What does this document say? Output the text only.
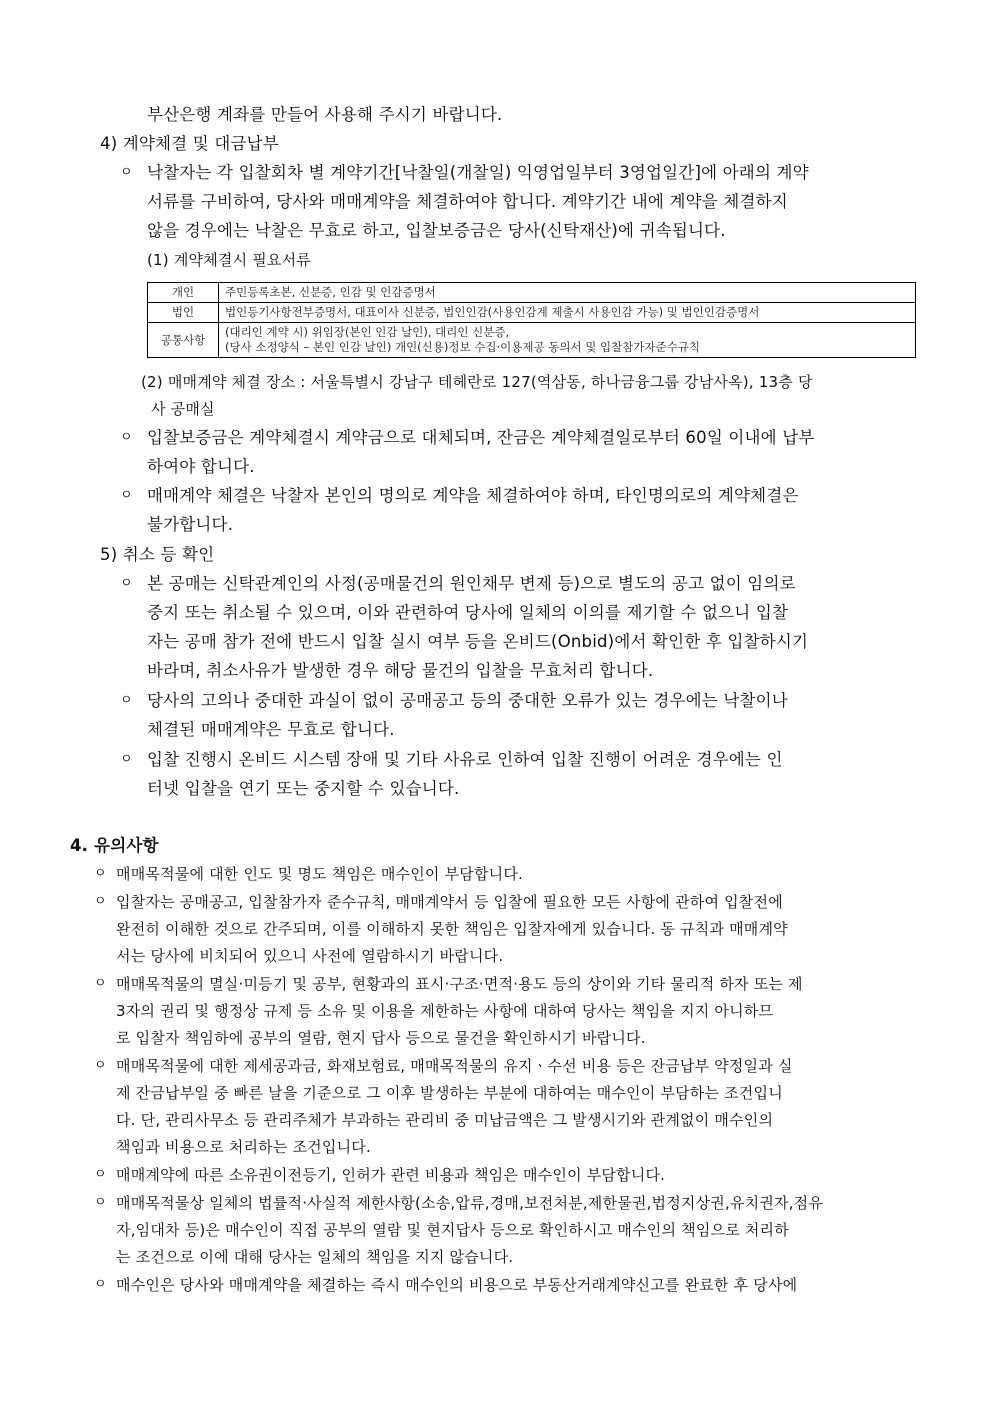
부산은행 계좌를 만들어 사용해 주시기 바랍니다.
4) 계약체결 및 대금납부
ㅇ 낙찰자는 각 입찰회차 별 계약기간[낙찰일(개찰일) 익영업일부터 3영업일간]에 아래의 계약
서류를 구비하여, 당사와 매매계약을 체결하여야 합니다. 계약기간 내에 계약을 체결하지
않을 경우에는 낙찰은 무효로 하고, 입찰보증금은 당사(신탁재산)에 귀속됩니다.
(1) 계약체결시 필요서류
개인	주민등록초본, 신분증, 인감 및 인감증명서

법인	법인등기사항전부증명서, 대표이사 신분증, 법인인감(사용인감계 제출시 사용인감 가능) 및 법인인감증명서

공통사항	(대리인 계약 시) 위임장(본인 인감 날인), 대리인 신분증,
(당사 소정양식 – 본인 인감 날인) 개인(신용)정보 수집·이용제공 동의서 및 입찰참가자준수규칙
(2) 매매계약 체결 장소 : 서울특별시 강남구 테헤란로 127(역삼동, 하나금융그룹 강남사옥), 13층 당
사 공매실
ㅇ 입찰보증금은 계약체결시 계약금으로 대체되며, 잔금은 계약체결일로부터 60일 이내에 납부
하여야 합니다.
ㅇ 매매계약 체결은 낙찰자 본인의 명의로 계약을 체결하여야 하며, 타인명의로의 계약체결은
불가합니다.
5) 취소 등 확인
ㅇ 본 공매는 신탁관계인의 사정(공매물건의 원인채무 변제 등)으로 별도의 공고 없이 임의로
중지 또는 취소될 수 있으며, 이와 관련하여 당사에 일체의 이의를 제기할 수 없으니 입찰
자는 공매 참가 전에 반드시 입찰 실시 여부 등을 온비드(Onbid)에서 확인한 후 입찰하시기
바라며, 취소사유가 발생한 경우 해당 물건의 입찰을 무효처리 합니다.
ㅇ 당사의 고의나 중대한 과실이 없이 공매공고 등의 중대한 오류가 있는 경우에는 낙찰이나
체결된 매매계약은 무효로 합니다.
ㅇ 입찰 진행시 온비드 시스템 장애 및 기타 사유로 인하여 입찰 진행이 어려운 경우에는 인
터넷 입찰을 연기 또는 중지할 수 있습니다.
4. 유의사항
ㅇ 매매목적물에 대한 인도 및 명도 책임은 매수인이 부담합니다.
ㅇ 입찰자는 공매공고, 입찰참가자 준수규칙, 매매계약서 등 입찰에 필요한 모든 사항에 관하여 입찰전에
완전히 이해한 것으로 간주되며, 이를 이해하지 못한 책임은 입찰자에게 있습니다. 동 규칙과 매매계약
서는 당사에 비치되어 있으니 사전에 열람하시기 바랍니다.
ㅇ 매매목적물의 멸실·미등기 및 공부, 현황과의 표시·구조·면적·용도 등의 상이와 기타 물리적 하자 또는 제
3자의 권리 및 행정상 규제 등 소유 및 이용을 제한하는 사항에 대하여 당사는 책임을 지지 아니하므
로 입찰자 책임하에 공부의 열람, 현지 답사 등으로 물건을 확인하시기 바랍니다.
ㅇ 매매목적물에 대한 제세공과금, 화재보험료, 매매목적물의 유지ㆍ수선 비용 등은 잔금납부 약정일과 실
제 잔금납부일 중 빠른 날을 기준으로 그 이후 발생하는 부분에 대하여는 매수인이 부담하는 조건입니
다. 단, 관리사무소 등 관리주체가 부과하는 관리비 중 미납금액은 그 발생시기와 관계없이 매수인의
책임과 비용으로 처리하는 조건입니다.
ㅇ 매매계약에 따른 소유권이전등기, 인허가 관련 비용과 책임은 매수인이 부담합니다.
ㅇ 매매목적물상 일체의 법률적·사실적 제한사항(소송,압류,경매,보전처분,제한물권,법정지상권,유치권자,점유
자,임대차 등)은 매수인이 직접 공부의 열람 및 현지답사 등으로 확인하시고 매수인의 책임으로 처리하
는 조건으로 이에 대해 당사는 일체의 책임을 지지 않습니다.
ㅇ 매수인은 당사와 매매계약을 체결하는 즉시 매수인의 비용으로 부동산거래계약신고를 완료한 후 당사에
